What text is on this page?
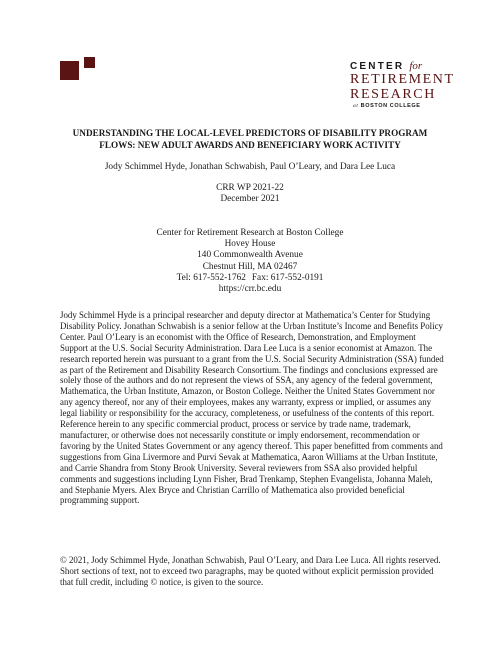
CENTER for
RETIREMENT
RESEARCH
at BOSTON COLLEGE
UNDERSTANDING THE LOCAL-LEVEL PREDICTORS OF DISABILITY PROGRAM
FLOWS: NEW ADULT AWARDS AND BENEFICIARY WORK ACTIVITY

Jody Schimmel Hyde, Jonathan Schwabish, Paul O’Leary, and Dara Lee Luca

CRR WP 2021-22
December 2021

Center for Retirement Research at Boston College
Hovey House
140 Commonwealth Avenue
Chestnut Hill, MA 02467
Tel: 617-552-1762 Fax: 617-552-0191
https://crr.bc.edu

Jody Schimmel Hyde is a principal researcher and deputy director at Mathematica’s Center for Studying Disability Policy. Jonathan Schwabish is a senior fellow at the Urban Institute’s Income and Benefits Policy Center. Paul O’Leary is an economist with the Office of Research, Demonstration, and Employment Support at the U.S. Social Security Administration. Dara Lee Luca is a senior economist at Amazon. The research reported herein was pursuant to a grant from the U.S. Social Security Administration (SSA) funded as part of the Retirement and Disability Research Consortium. The findings and conclusions expressed are solely those of the authors and do not represent the views of SSA, any agency of the federal government, Mathematica, the Urban Institute, Amazon, or Boston College. Neither the United States Government nor any agency thereof, nor any of their employees, makes any warranty, express or implied, or assumes any legal liability or responsibility for the accuracy, completeness, or usefulness of the contents of this report. Reference herein to any specific commercial product, process or service by trade name, trademark, manufacturer, or otherwise does not necessarily constitute or imply endorsement, recommendation or favoring by the United States Government or any agency thereof. This paper benefitted from comments and suggestions from Gina Livermore and Purvi Sevak at Mathematica, Aaron Williams at the Urban Institute, and Carrie Shandra from Stony Brook University. Several reviewers from SSA also provided helpful comments and suggestions including Lynn Fisher, Brad Trenkamp, Stephen Evangelista, Johanna Maleh, and Stephanie Myers. Alex Bryce and Christian Carrillo of Mathematica also provided beneficial programming support.

© 2021, Jody Schimmel Hyde, Jonathan Schwabish, Paul O’Leary, and Dara Lee Luca. All rights reserved. Short sections of text, not to exceed two paragraphs, may be quoted without explicit permission provided that full credit, including © notice, is given to the source.
